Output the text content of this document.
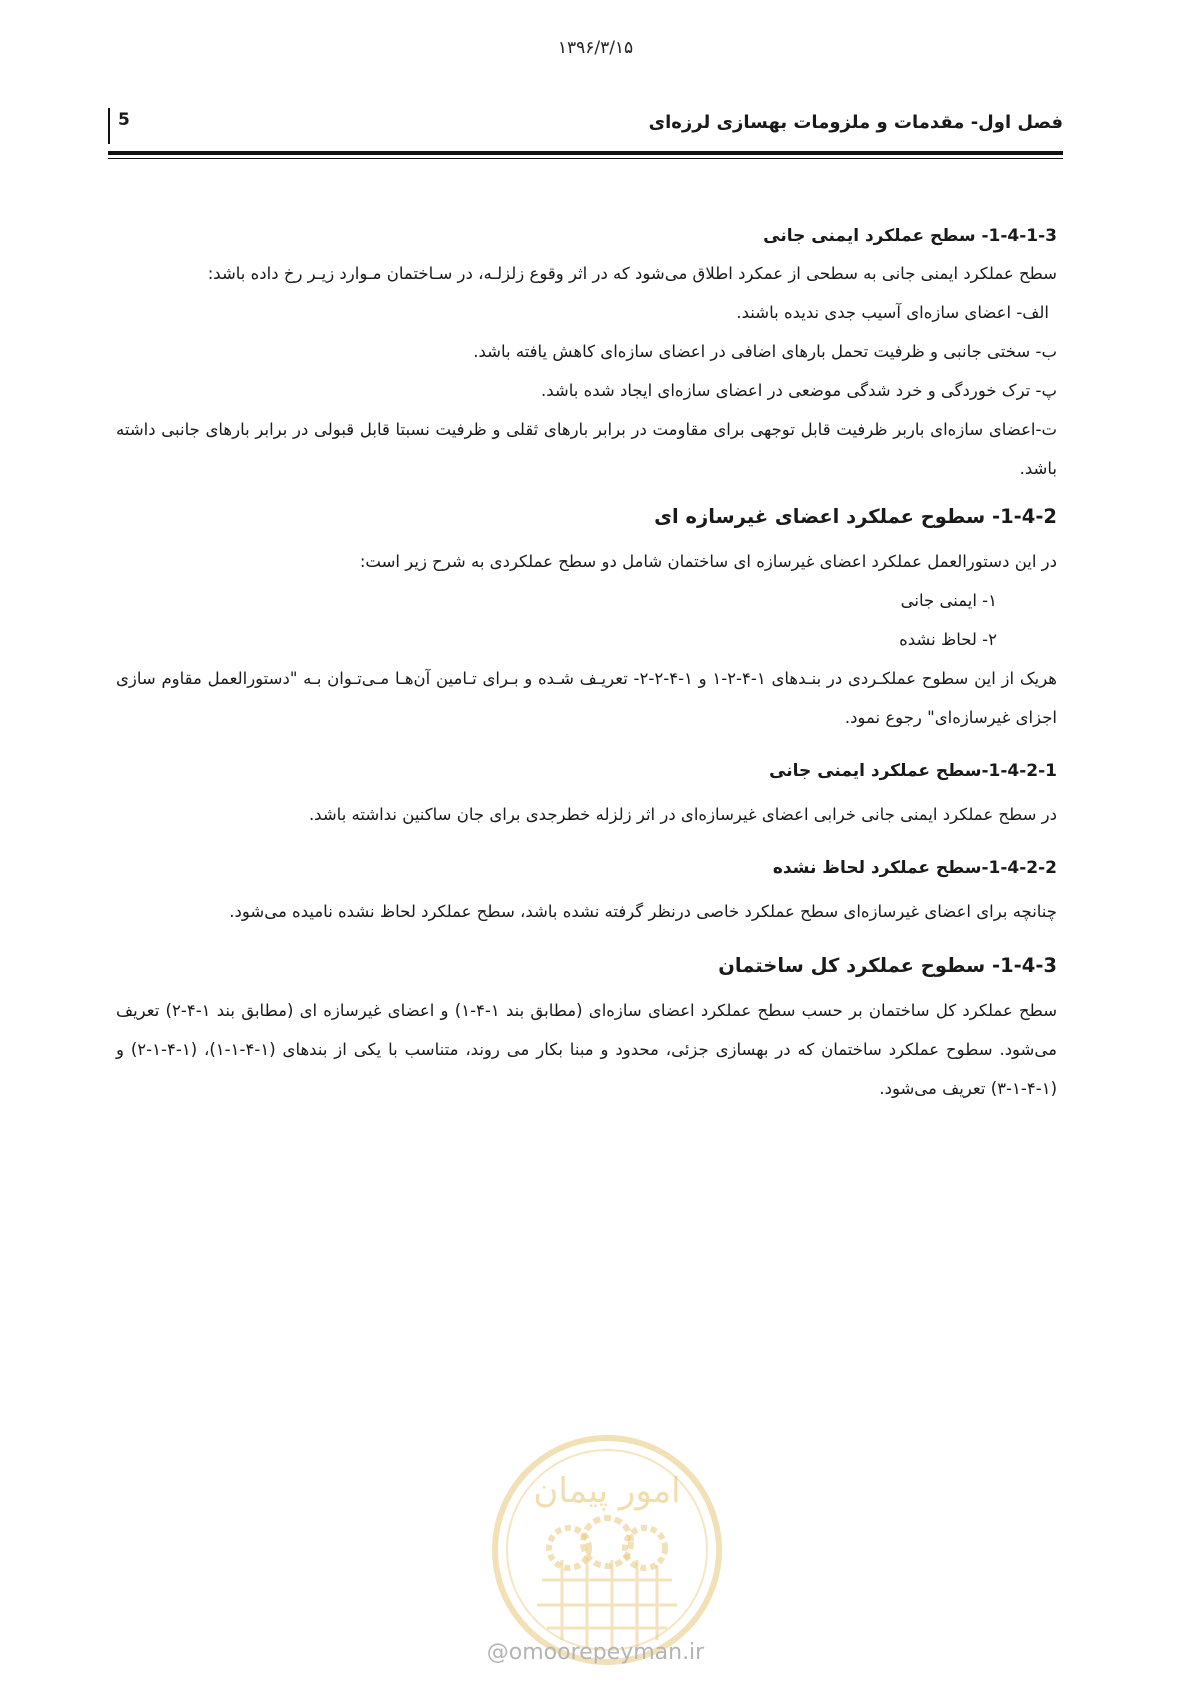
۱۳۹۶/۳/۱۵
5	فصل اول- مقدمات و ملزومات بهسازی لرزه‌ای
1-4-1-3- سطح عملکرد ایمنی جانی

سطح عملکرد ایمنی جانی به سطحی از عمکرد اطلاق می‌شود که در اثر وقوع زلزلـه، در سـاختمان مـوارد زیـر رخ داده باشد:

الف- اعضای سازه‌ای آسیب جدی ندیده باشند.

ب- سختی جانبی و ظرفیت تحمل بارهای اضافی در اعضای سازه‌ای کاهش یافته باشد.

پ- ترک خوردگی و خرد شدگی موضعی در اعضای سازه‌ای ایجاد شده باشد.

ت-اعضای سازه‌ای باربر ظرفیت قابل توجهی برای مقاومت در برابر بارهای ثقلی و ظرفیت نسبتا قابل قبولی در برابر بارهای جانبی داشته باشد.

1-4-2- سطوح عملکرد اعضای غیرسازه ای

در این دستورالعمل عملکرد اعضای غیرسازه ای ساختمان شامل دو سطح عملکردی به شرح زیر است:

۱- ایمنی جانی

۲- لحاظ نشده

هریک از این سطوح عملکـردی در بنـدهای ۱-۴-۲-۱ و ۱-۴-۲-۲- تعریـف شـده و بـرای تـامین آن‌هـا مـی‌تـوان بـه "دستورالعمل مقاوم سازی اجزای غیرسازه‌ای" رجوع نمود.

1-4-2-1-سطح عملکرد ایمنی جانی

در سطح عملکرد ایمنی جانی خرابی اعضای غیرسازه‌ای در اثر زلزله خطرجدی برای جان ساکنین نداشته باشد.

1-4-2-2-سطح عملکرد لحاظ نشده

چنانچه برای اعضای غیرسازه‌ای سطح عملکرد خاصی درنظر گرفته نشده باشد، سطح عملکرد لحاظ نشده نامیده می‌شود.

1-4-3- سطوح عملکرد کل ساختمان

سطح عملکرد کل ساختمان بر حسب سطح عملکرد اعضای سازه‌ای (مطابق بند ۱-۴-۱) و اعضای غیرسازه ای (مطابق بند ۱-۴-۲) تعریف می‌شود. سطوح عملکرد ساختمان که در بهسازی جزئی، محدود و مبنا بکار می روند، متناسب با یکی از بندهای (۱-۴-۱-۱)، (۱-۴-۱-۲) و (۱-۴-۱-۳) تعریف می‌شود.

امور پیمان
@omoorepeyman.ir
